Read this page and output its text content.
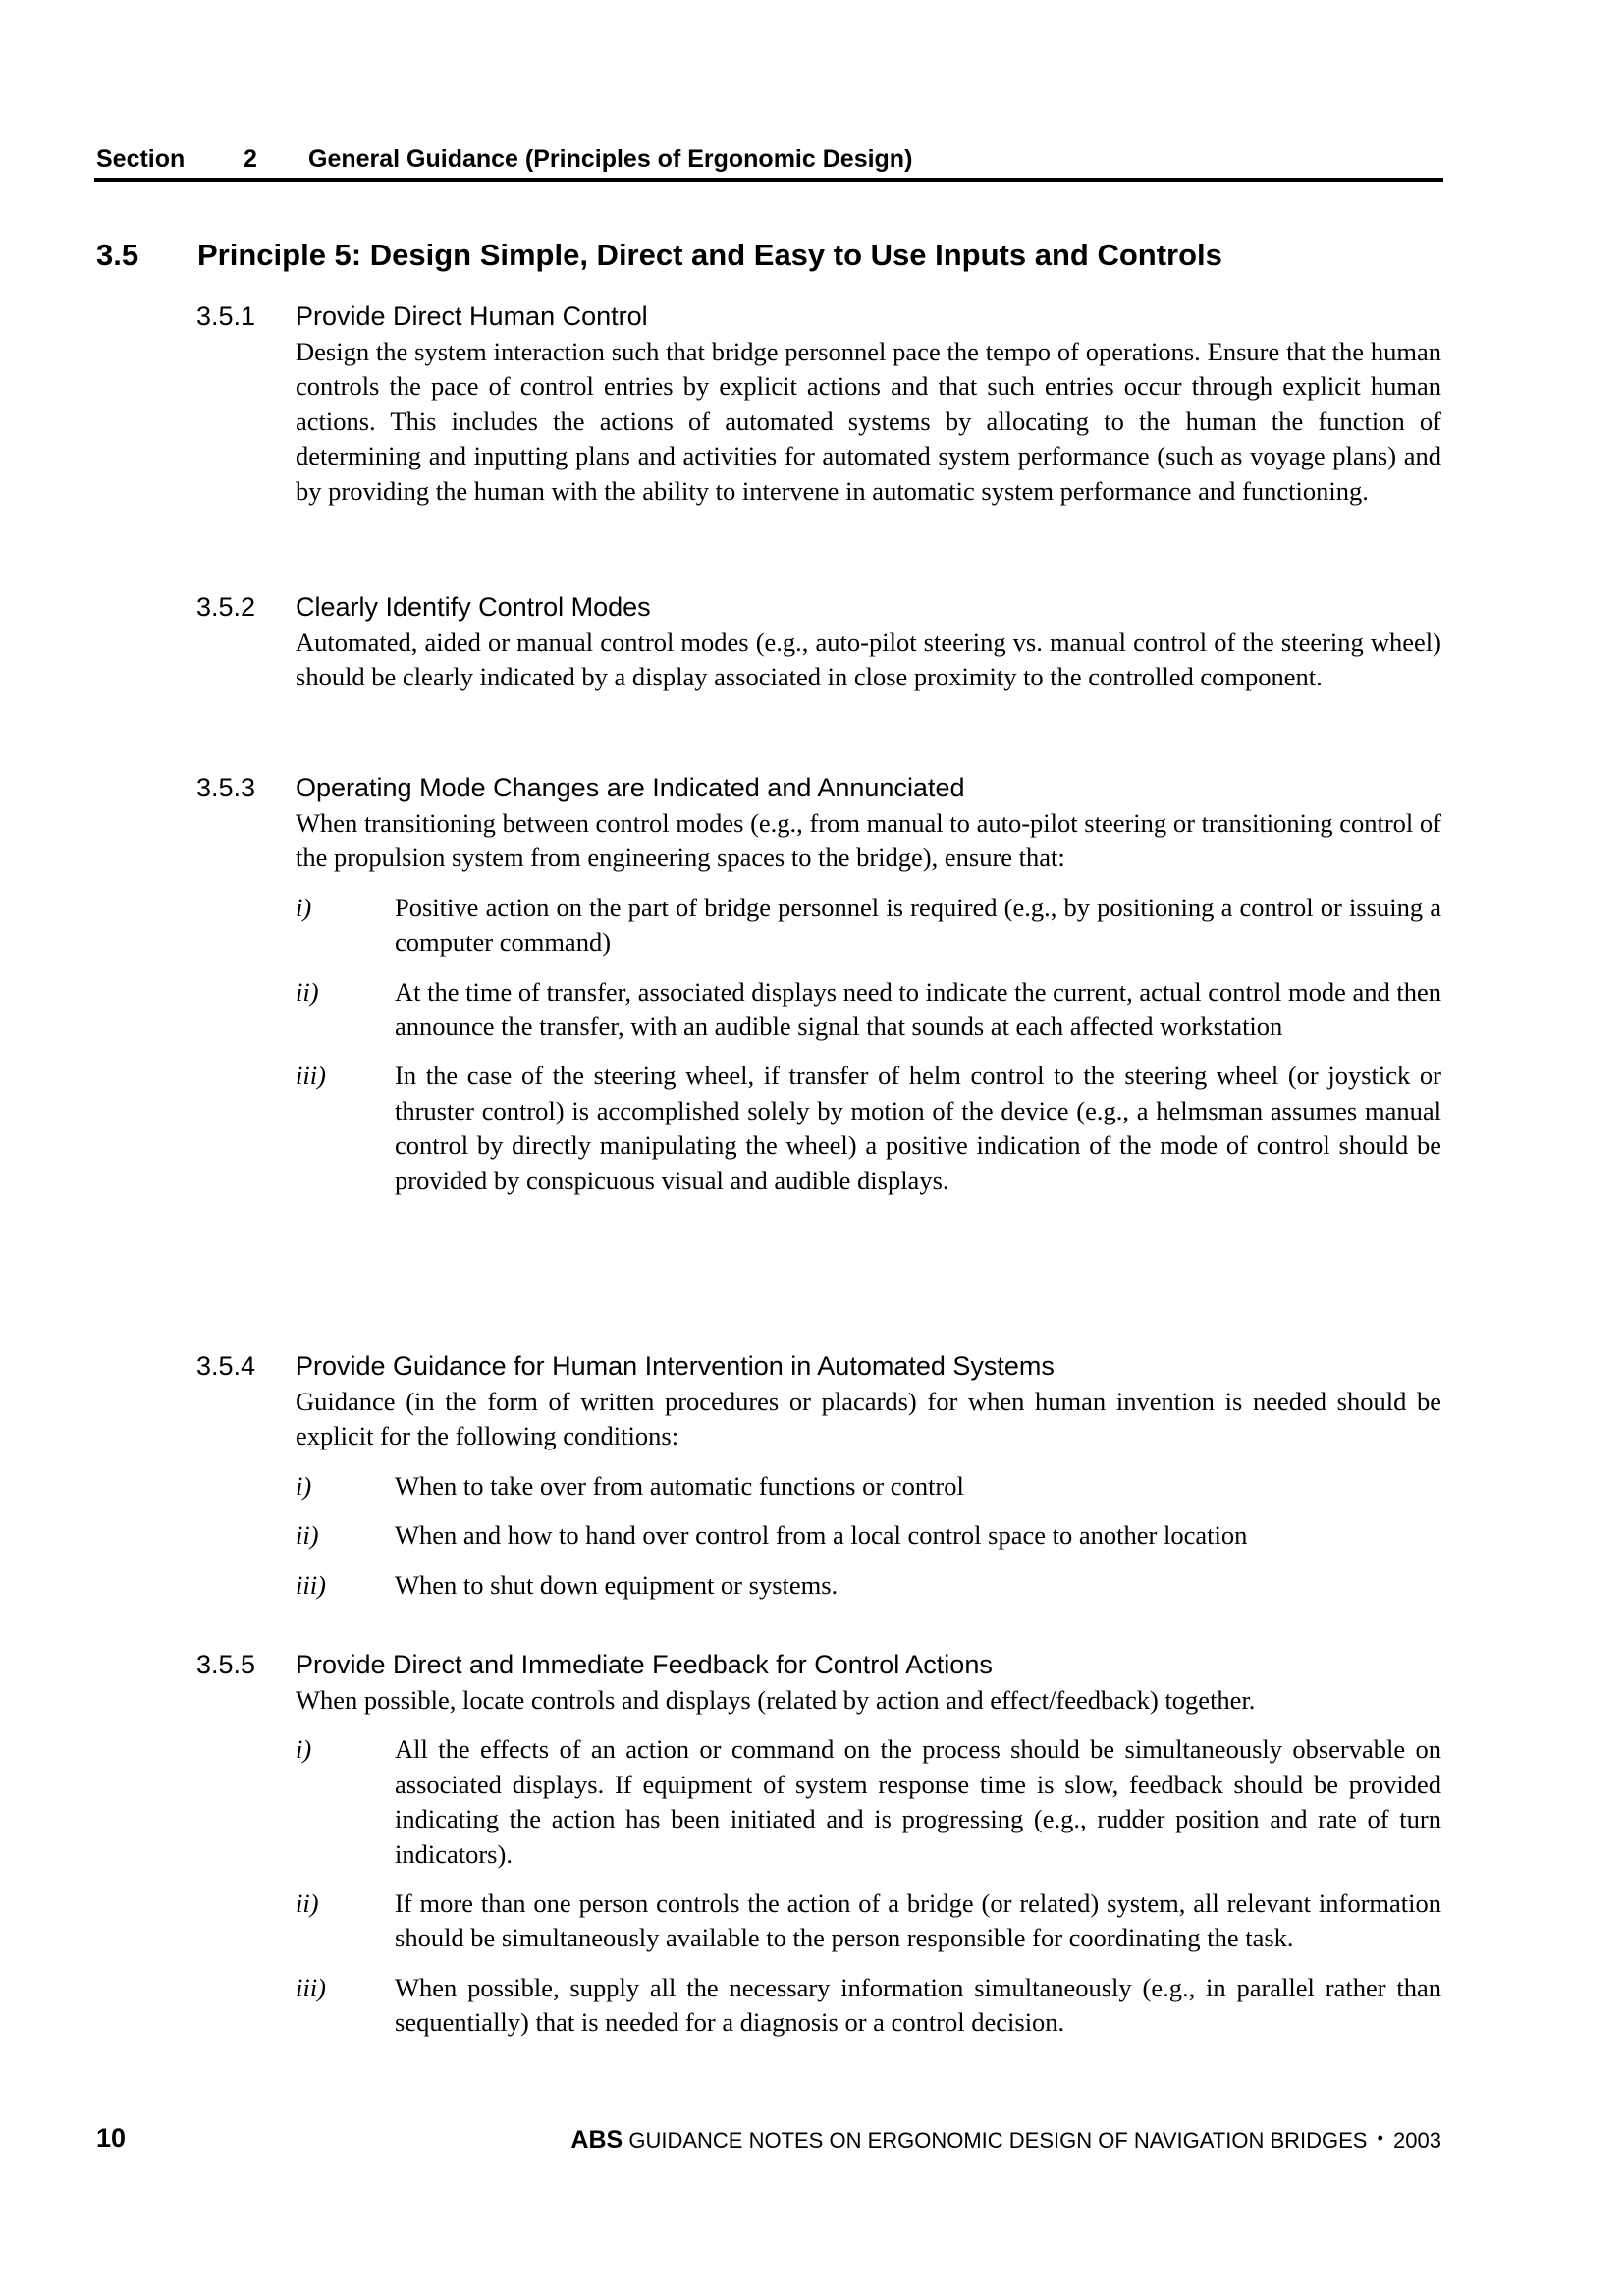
Section 2 General Guidance (Principles of Ergonomic Design)
3.5 Principle 5: Design Simple, Direct and Easy to Use Inputs and Controls
3.5.1 Provide Direct Human Control
Design the system interaction such that bridge personnel pace the tempo of operations. Ensure that the human controls the pace of control entries by explicit actions and that such entries occur through explicit human actions. This includes the actions of automated systems by allocating to the human the function of determining and inputting plans and activities for automated system performance (such as voyage plans) and by providing the human with the ability to intervene in automatic system performance and functioning.
3.5.2 Clearly Identify Control Modes
Automated, aided or manual control modes (e.g., auto-pilot steering vs. manual control of the steering wheel) should be clearly indicated by a display associated in close proximity to the controlled component.
3.5.3 Operating Mode Changes are Indicated and Annunciated
When transitioning between control modes (e.g., from manual to auto-pilot steering or transitioning control of the propulsion system from engineering spaces to the bridge), ensure that:
i)	Positive action on the part of bridge personnel is required (e.g., by positioning a control or issuing a computer command)
ii)	At the time of transfer, associated displays need to indicate the current, actual control mode and then announce the transfer, with an audible signal that sounds at each affected workstation
iii)	In the case of the steering wheel, if transfer of helm control to the steering wheel (or joystick or thruster control) is accomplished solely by motion of the device (e.g., a helmsman assumes manual control by directly manipulating the wheel) a positive indication of the mode of control should be provided by conspicuous visual and audible displays.
3.5.4 Provide Guidance for Human Intervention in Automated Systems
Guidance (in the form of written procedures or placards) for when human invention is needed should be explicit for the following conditions:
i)	When to take over from automatic functions or control
ii)	When and how to hand over control from a local control space to another location
iii)	When to shut down equipment or systems.
3.5.5 Provide Direct and Immediate Feedback for Control Actions
When possible, locate controls and displays (related by action and effect/feedback) together.
i)	All the effects of an action or command on the process should be simultaneously observable on associated displays. If equipment of system response time is slow, feedback should be provided indicating the action has been initiated and is progressing (e.g., rudder position and rate of turn indicators).
ii)	If more than one person controls the action of a bridge (or related) system, all relevant information should be simultaneously available to the person responsible for coordinating the task.
iii)	When possible, supply all the necessary information simultaneously (e.g., in parallel rather than sequentially) that is needed for a diagnosis or a control decision.
10	ABS GUIDANCE NOTES ON ERGONOMIC DESIGN OF NAVIGATION BRIDGES • 2003
